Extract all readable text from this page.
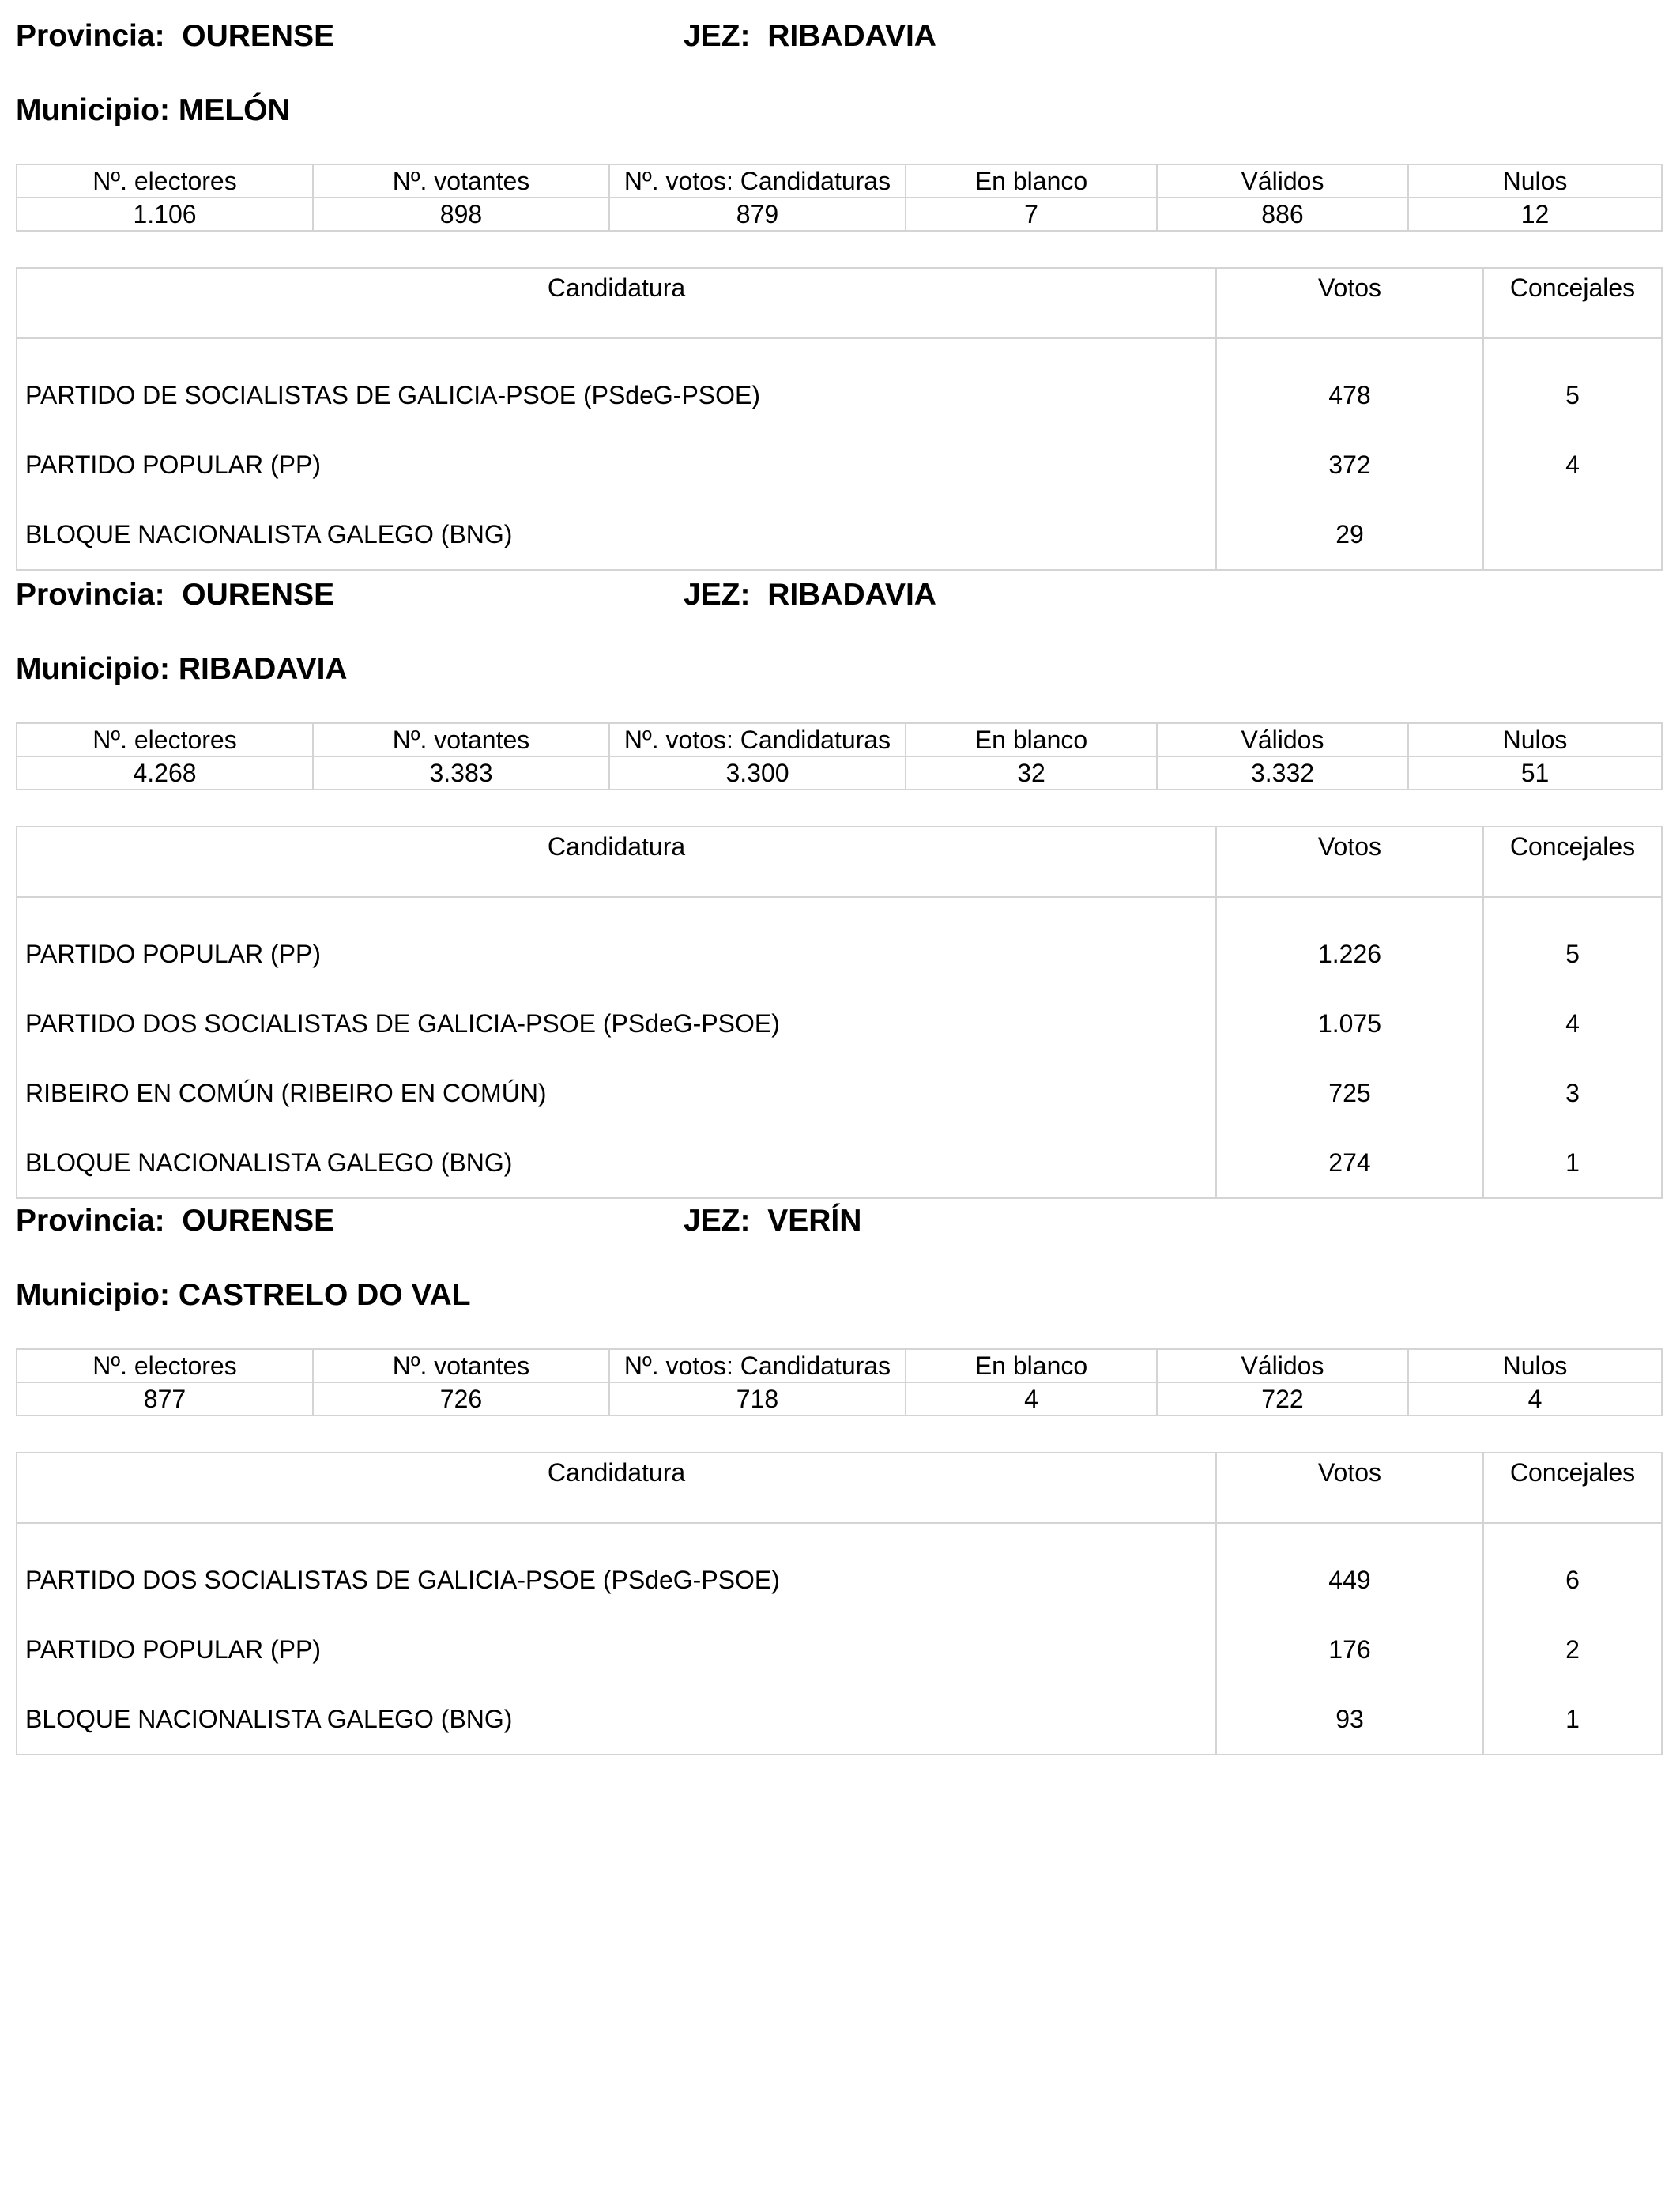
Provincia: OURENSE	JEZ: RIBADAVIA
Municipio: MELÓN
Nº. electores	Nº. votantes	Nº. votos: Candidaturas	En blanco	Válidos	Nulos
1.106	898	879	7	886	12
Candidatura	Votos	Concejales
PARTIDO DE SOCIALISTAS DE GALICIA-PSOE (PSdeG-PSOE)	478	5
PARTIDO POPULAR (PP)	372	4
BLOQUE NACIONALISTA GALEGO (BNG)	29	
Provincia: OURENSE	JEZ: RIBADAVIA
Municipio: RIBADAVIA
Nº. electores	Nº. votantes	Nº. votos: Candidaturas	En blanco	Válidos	Nulos
4.268	3.383	3.300	32	3.332	51
Candidatura	Votos	Concejales
PARTIDO POPULAR (PP)	1.226	5
PARTIDO DOS SOCIALISTAS DE GALICIA-PSOE (PSdeG-PSOE)	1.075	4
RIBEIRO EN COMÚN (RIBEIRO EN COMÚN)	725	3
BLOQUE NACIONALISTA GALEGO (BNG)	274	1
Provincia: OURENSE	JEZ: VERÍN
Municipio: CASTRELO DO VAL
Nº. electores	Nº. votantes	Nº. votos: Candidaturas	En blanco	Válidos	Nulos
877	726	718	4	722	4
Candidatura	Votos	Concejales
PARTIDO DOS SOCIALISTAS DE GALICIA-PSOE (PSdeG-PSOE)	449	6
PARTIDO POPULAR (PP)	176	2
BLOQUE NACIONALISTA GALEGO (BNG)	93	1
